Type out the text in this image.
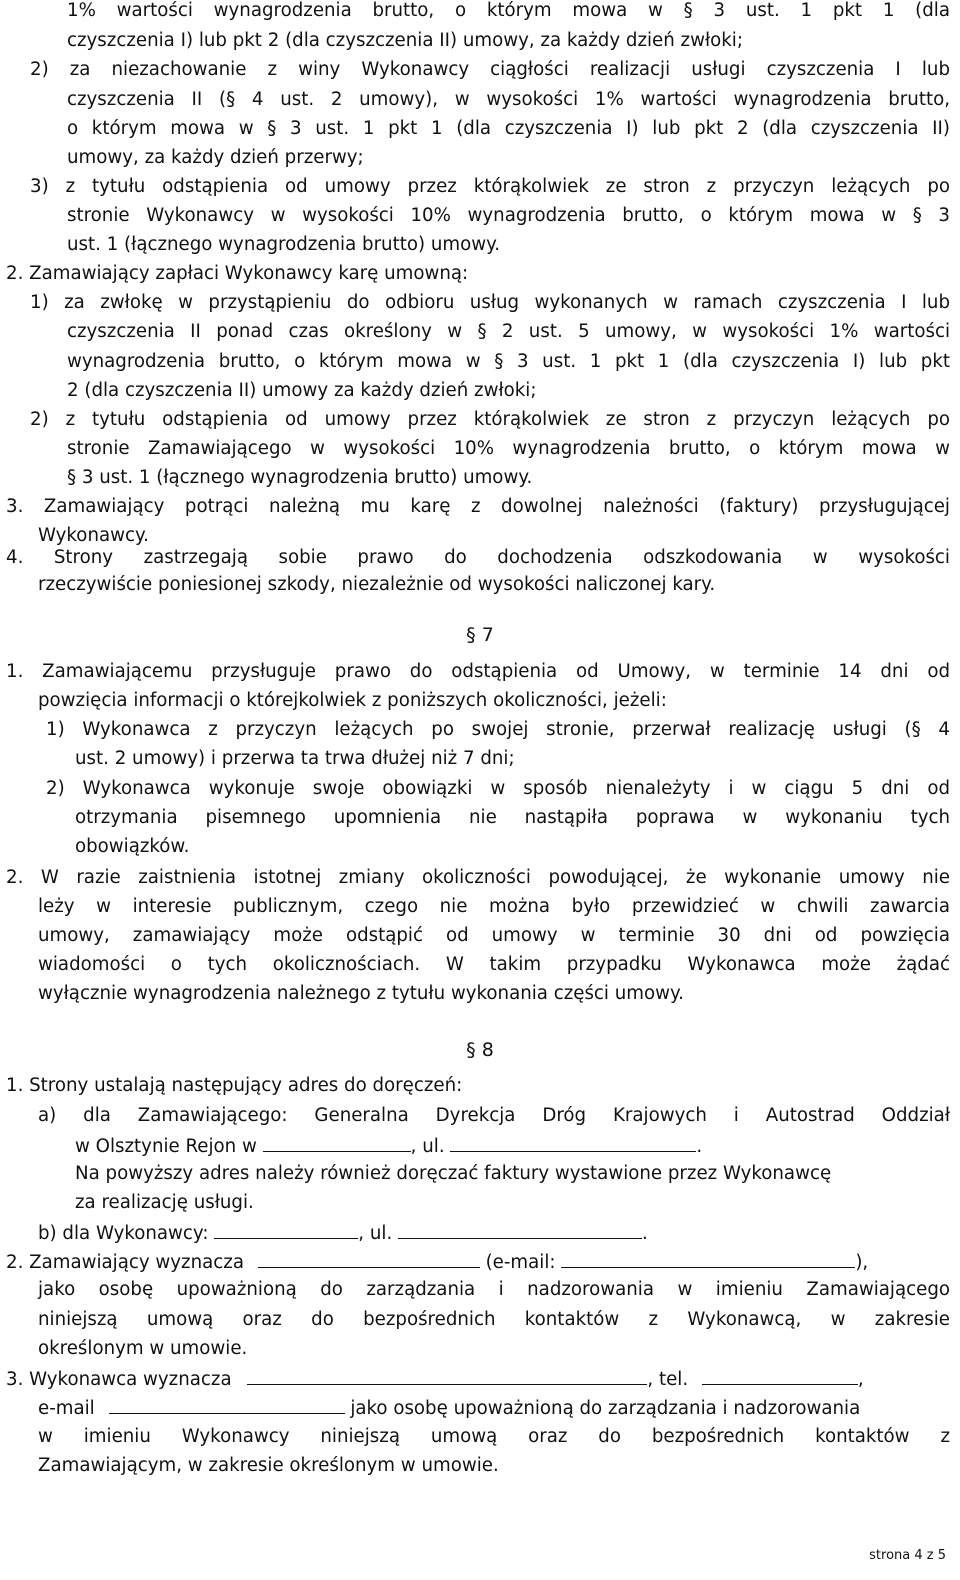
1% wartości wynagrodzenia brutto, o którym mowa w § 3 ust. 1 pkt 1 (dla
czyszczenia I) lub pkt 2 (dla czyszczenia II) umowy, za każdy dzień zwłoki;
2) za niezachowanie z winy Wykonawcy ciągłości realizacji usługi czyszczenia I lub
czyszczenia II (§ 4 ust. 2 umowy), w wysokości 1% wartości wynagrodzenia brutto,
o którym mowa w § 3 ust. 1 pkt 1 (dla czyszczenia I) lub pkt 2 (dla czyszczenia II)
umowy, za każdy dzień przerwy;
3) z tytułu odstąpienia od umowy przez którąkolwiek ze stron z przyczyn leżących po
stronie Wykonawcy w wysokości 10% wynagrodzenia brutto, o którym mowa w § 3
ust. 1 (łącznego wynagrodzenia brutto) umowy.
2. Zamawiający zapłaci Wykonawcy karę umowną:
1) za zwłokę w przystąpieniu do odbioru usług wykonanych w ramach czyszczenia I lub
czyszczenia II ponad czas określony w § 2 ust. 5 umowy, w wysokości 1% wartości
wynagrodzenia brutto, o którym mowa w § 3 ust. 1 pkt 1 (dla czyszczenia I) lub pkt
2 (dla czyszczenia II) umowy za każdy dzień zwłoki;
2) z tytułu odstąpienia od umowy przez którąkolwiek ze stron z przyczyn leżących po
stronie Zamawiającego w wysokości 10% wynagrodzenia brutto, o którym mowa w
§ 3 ust. 1 (łącznego wynagrodzenia brutto) umowy.
3. Zamawiający potrąci należną mu karę z dowolnej należności (faktury) przysługującej
Wykonawcy.
4. Strony zastrzegają sobie prawo do dochodzenia odszkodowania w wysokości
rzeczywiście poniesionej szkody, niezależnie od wysokości naliczonej kary.
§ 7
1. Zamawiającemu przysługuje prawo do odstąpienia od Umowy, w terminie 14 dni od
powzięcia informacji o którejkolwiek z poniższych okoliczności, jeżeli:
1) Wykonawca z przyczyn leżących po swojej stronie, przerwał realizację usługi (§ 4
ust. 2 umowy) i przerwa ta trwa dłużej niż 7 dni;
2) Wykonawca wykonuje swoje obowiązki w sposób nienależyty i w ciągu 5 dni od
otrzymania pisemnego upomnienia nie nastąpiła poprawa w wykonaniu tych
obowiązków.
2. W razie zaistnienia istotnej zmiany okoliczności powodującej, że wykonanie umowy nie
leży w interesie publicznym, czego nie można było przewidzieć w chwili zawarcia
umowy, zamawiający może odstąpić od umowy w terminie 30 dni od powzięcia
wiadomości o tych okolicznościach. W takim przypadku Wykonawca może żądać
wyłącznie wynagrodzenia należnego z tytułu wykonania części umowy.
§ 8
1. Strony ustalają następujący adres do doręczeń:
a) dla Zamawiającego: Generalna Dyrekcja Dróg Krajowych i Autostrad Oddział
w Olsztynie Rejon w	, ul.	.
Na powyższy adres należy również doręczać faktury wystawione przez Wykonawcę
za realizację usługi.
b) dla Wykonawcy:	, ul.	.
2. Zamawiający wyznacza	(e-mail:	),
jako osobę upoważnioną do zarządzania i nadzorowania w imieniu Zamawiającego
niniejszą umową oraz do bezpośrednich kontaktów z Wykonawcą, w zakresie
określonym w umowie.
3. Wykonawca wyznacza	, tel.	,
e-mail	jako osobę upoważnioną do zarządzania i nadzorowania
w imieniu Wykonawcy niniejszą umową oraz do bezpośrednich kontaktów z
Zamawiającym, w zakresie określonym w umowie.
strona 4 z 5
